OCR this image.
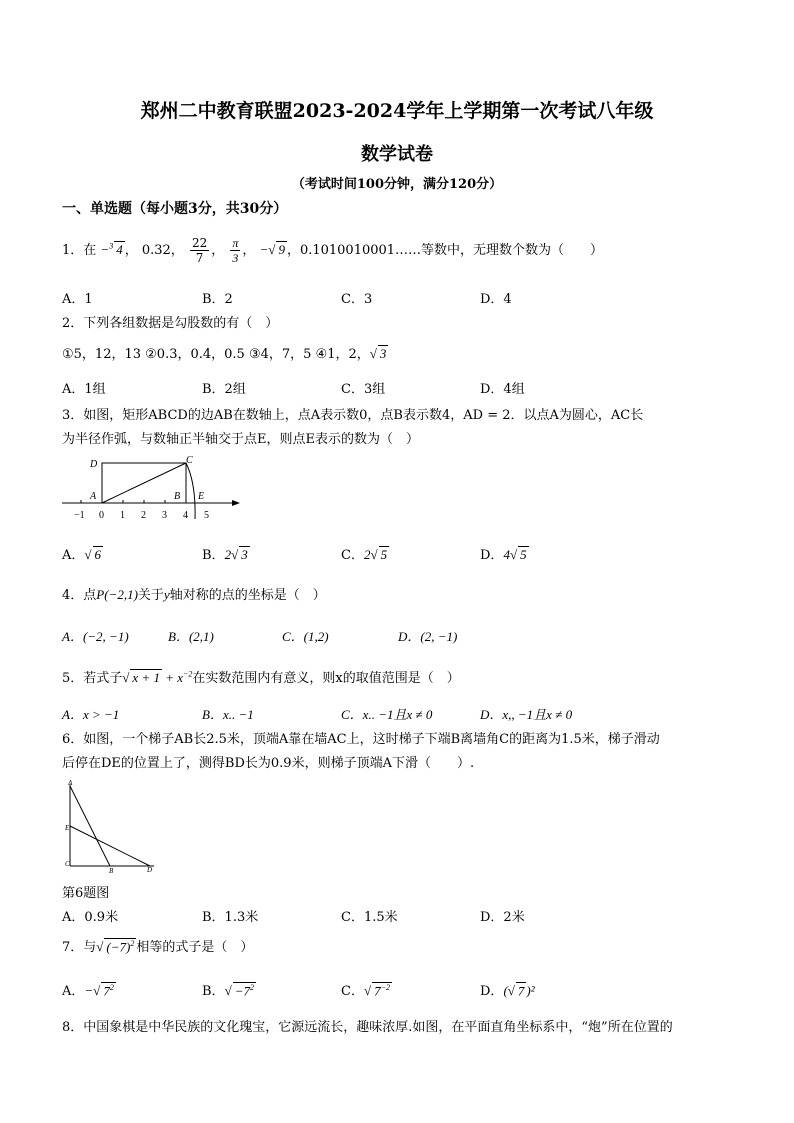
郑州二中教育联盟2023-2024学年上学期第一次考试八年级
数学试卷
（考试时间100分钟，满分120分）
一、单选题（每小题3分，共30分）
1．在 −$^3$ 4 ， 0.32， $\frac{22}{7}$ ， $\frac{\pi}{3}$ ， −√ 9 ，0.1010010001……等数中，无理数个数为（　　）
A．1	B．2	C．3	D．4
2．下列各组数据是勾股数的有（　）
①5，12，13 ②0.3，0.4，0.5 ③4，7，5 ④1，2，√ 3
A．1组	B．2组	C．3组	D．4组
3．如图，矩形ABCD的边AB在数轴上，点A表示数0，点B表示数4，AD = 2．以点A为圆心，AC长
为半径作弧，与数轴正半轴交于点E，则点E表示的数为（　）
−1 0 1 2 3 4 5
D	C
A	B E
A．√ 6	B．2√ 3	C．2√ 5	D．4√ 5
4．点P(−2,1)关于y轴对称的点的坐标是（　）
A．(−2, −1)	B．(2,1)	C．(1,2)	D．(2, −1)
5．若式子√ $x + 1 + x^{-2}$在实数范围内有意义，则x的取值范围是（　）
A．x > −1	B．x.. −1	C．x.. −1且x ≠ 0	D．x,, −1且x ≠ 0
6．如图，一个梯子AB长2.5米，顶端A靠在墙AC上，这时梯子下端B离墙角C的距离为1.5米，梯子滑动
后停在DE的位置上了，测得BD长为0.9米，则梯子顶端A下滑（　　）.
A
E
C
B	D
第6题图
A．0.9米	B．1.3米	C．1.5米	D．2米
7．与√ $(-7)^2$ 相等的式子是（　）
A．−√ $7^2$	B．√ $-7^2$	C．√ $7^{-2}$	D．(√ 7 )²
8．中国象棋是中华民族的文化瑰宝，它源远流长，趣味浓厚.如图，在平面直角坐标系中，“炮”所在位置的
